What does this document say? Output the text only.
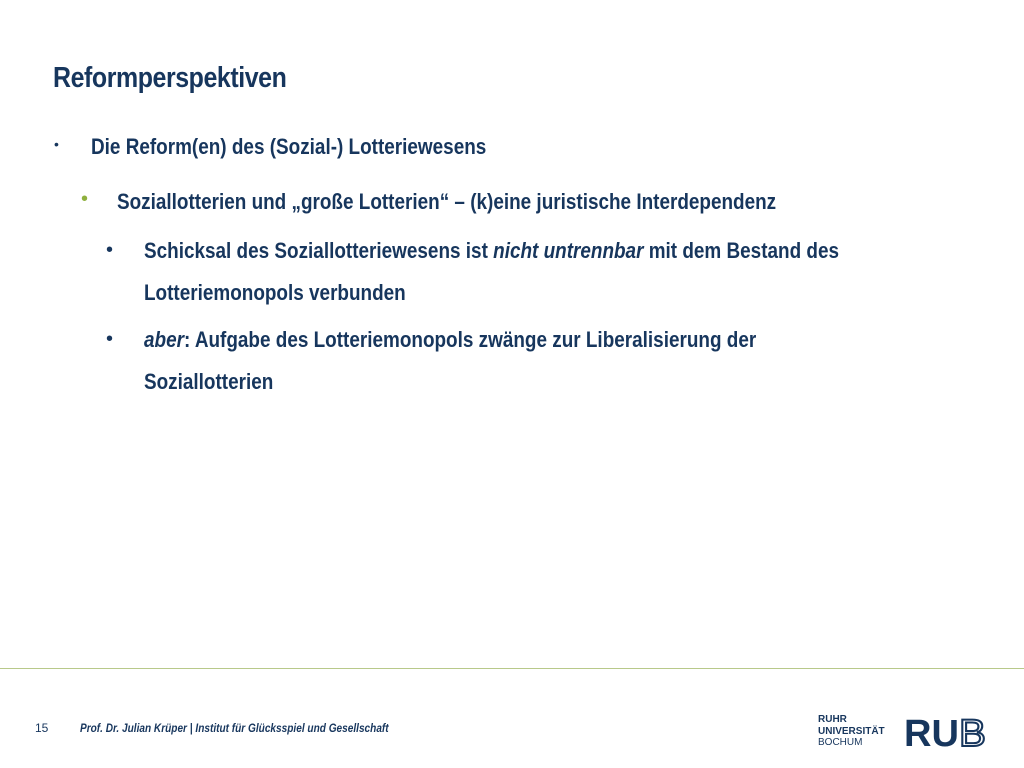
Reformperspektiven
• Die Reform(en) des (Sozial-) Lotteriewesens
• Soziallotterien und „große Lotterien“ – (k)eine juristische Interdependenz
• Schicksal des Soziallotteriewesens ist nicht untrennbar mit dem Bestand des
Lotteriemonopols verbunden
• aber: Aufgabe des Lotteriemonopols zwänge zur Liberalisierung der
Soziallotterien
15	Prof. Dr. Julian Krüper | Institut für Glücksspiel und Gesellschaft
RUHR
UNIVERSITÄT
BOCHUM	RU B
